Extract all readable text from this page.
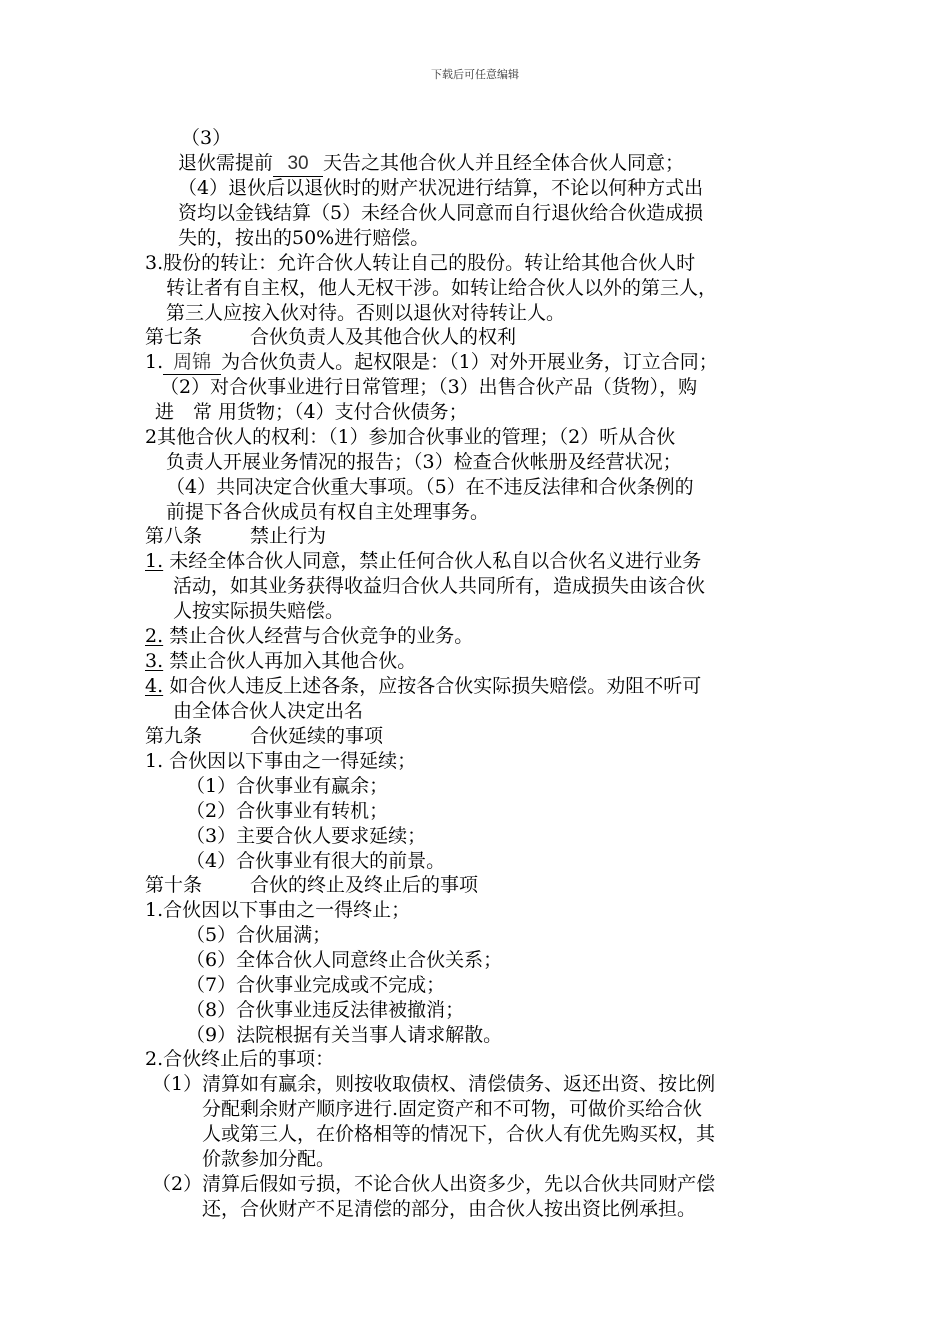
下载后可任意编辑
（3）
退伙需提前 30 天告之其他合伙人并且经全体合伙人同意；
（4）退伙后以退伙时的财产状况进行结算，不论以何种方式出
资均以金钱结算（5）未经合伙人同意而自行退伙给合伙造成损
失的，按出的50%进行赔偿。
3.股份的转让：允许合伙人转让自己的股份。转让给其他合伙人时
转让者有自主权，他人无权干涉。如转让给合伙人以外的第三人，
第三人应按入伙对待。否则以退伙对待转让人。
第七条	合伙负责人及其他合伙人的权利
1. 周锦 为合伙负责人。起权限是：（1）对外开展业务，订立合同；
（2）对合伙事业进行日常管理；（3）出售合伙产品（货物），购
进　常 用货物；（4）支付合伙债务；
2其他合伙人的权利：（1）参加合伙事业的管理；（2）听从合伙
负责人开展业务情况的报告；（3）检查合伙帐册及经营状况；
（4）共同决定合伙重大事项。（5）在不违反法律和合伙条例的
前提下各合伙成员有权自主处理事务。
第八条	禁止行为
1. 未经全体合伙人同意，禁止任何合伙人私自以合伙名义进行业务
活动，如其业务获得收益归合伙人共同所有，造成损失由该合伙
人按实际损失赔偿。
2. 禁止合伙人经营与合伙竞争的业务。
3. 禁止合伙人再加入其他合伙。
4. 如合伙人违反上述各条，应按各合伙实际损失赔偿。劝阻不听可
由全体合伙人决定出名
第九条	合伙延续的事项
1. 合伙因以下事由之一得延续；
（1）合伙事业有赢余；
（2）合伙事业有转机；
（3）主要合伙人要求延续；
（4）合伙事业有很大的前景。
第十条	合伙的终止及终止后的事项
1.合伙因以下事由之一得终止；
（5）合伙届满；
（6）全体合伙人同意终止合伙关系；
（7）合伙事业完成或不完成；
（8）合伙事业违反法律被撤消；
（9）法院根据有关当事人请求解散。
2.合伙终止后的事项：
（1）清算如有赢余，则按收取债权、清偿债务、返还出资、按比例
分配剩余财产顺序进行.固定资产和不可物，可做价买给合伙
人或第三人，在价格相等的情况下，合伙人有优先购买权，其
价款参加分配。
（2）清算后假如亏损，不论合伙人出资多少，先以合伙共同财产偿
还，合伙财产不足清偿的部分，由合伙人按出资比例承担。
